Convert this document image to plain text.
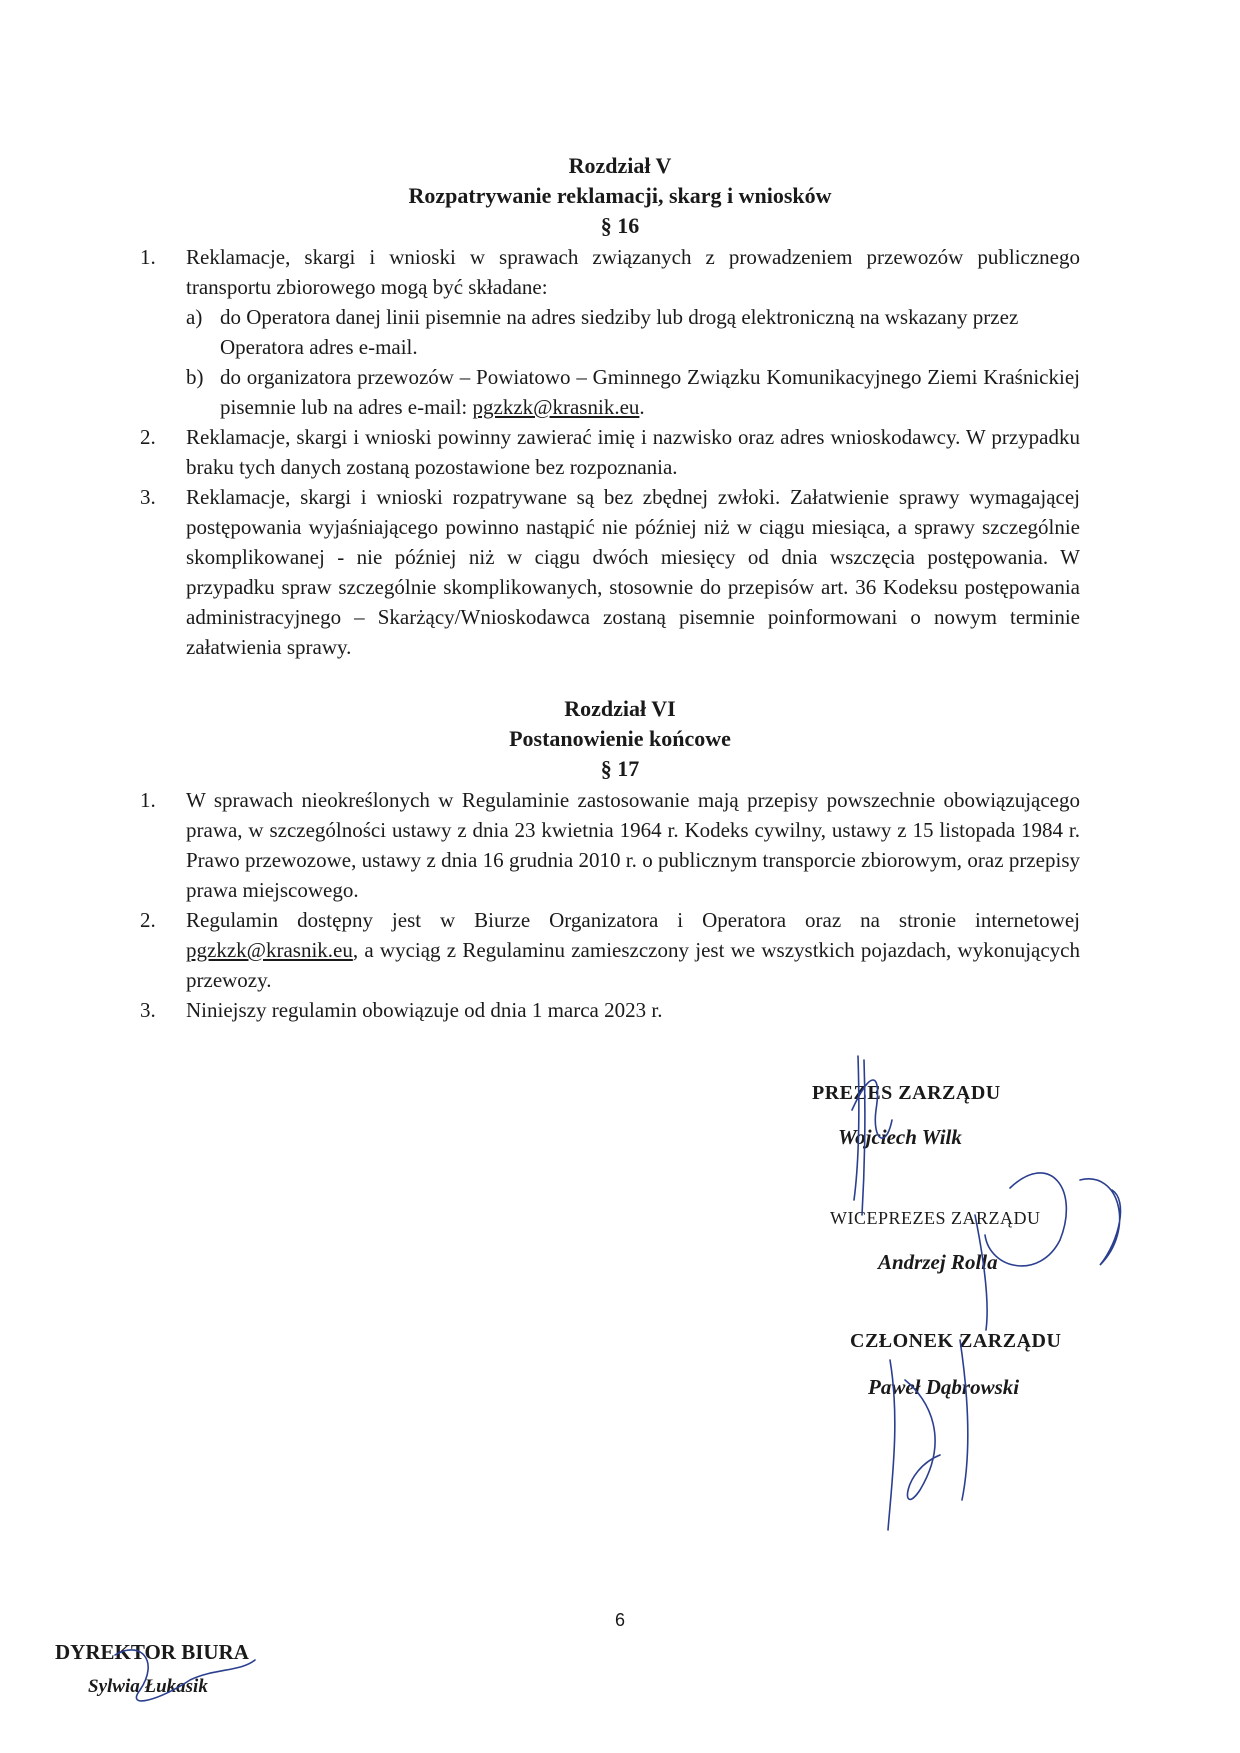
Rozdział V
Rozpatrywanie reklamacji, skarg i wniosków
§ 16
1. Reklamacje, skargi i wnioski w sprawach związanych z prowadzeniem przewozów publicznego transportu zbiorowego mogą być składane:
a) do Operatora danej linii pisemnie na adres siedziby lub drogą elektroniczną na wskazany przez Operatora adres e-mail.
b) do organizatora przewozów – Powiatowo – Gminnego Związku Komunikacyjnego Ziemi Kraśnickiej pisemnie lub na adres e-mail: pgzkzk@krasnik.eu.
2. Reklamacje, skargi i wnioski powinny zawierać imię i nazwisko oraz adres wnioskodawcy. W przypadku braku tych danych zostaną pozostawione bez rozpoznania.
3. Reklamacje, skargi i wnioski rozpatrywane są bez zbędnej zwłoki. Załatwienie sprawy wymagającej postępowania wyjaśniającego powinno nastąpić nie później niż w ciągu miesiąca, a sprawy szczególnie skomplikowanej - nie później niż w ciągu dwóch miesięcy od dnia wszczęcia postępowania. W przypadku spraw szczególnie skomplikowanych, stosownie do przepisów art. 36 Kodeksu postępowania administracyjnego – Skarżący/Wnioskodawca zostaną pisemnie poinformowani o nowym terminie załatwienia sprawy.
Rozdział VI
Postanowienie końcowe
§ 17
1. W sprawach nieokreślonych w Regulaminie zastosowanie mają przepisy powszechnie obowiązującego prawa, w szczególności ustawy z dnia 23 kwietnia 1964 r. Kodeks cywilny, ustawy z 15 listopada 1984 r. Prawo przewozowe, ustawy z dnia 16 grudnia 2010 r. o publicznym transporcie zbiorowym, oraz przepisy prawa miejscowego.
2. Regulamin dostępny jest w Biurze Organizatora i Operatora oraz na stronie internetowej pgzkzk@krasnik.eu, a wyciąg z Regulaminu zamieszczony jest we wszystkich pojazdach, wykonujących przewozy.
3. Niniejszy regulamin obowiązuje od dnia 1 marca 2023 r.
PREZES ZARZĄDU
Wojciech Wilk
WICEPREZES ZARZĄDU
Andrzej Rolla
CZŁONEK ZARZĄDU
Paweł Dąbrowski
DYREKTOR BIURA
Sylwia Łukasik
6
